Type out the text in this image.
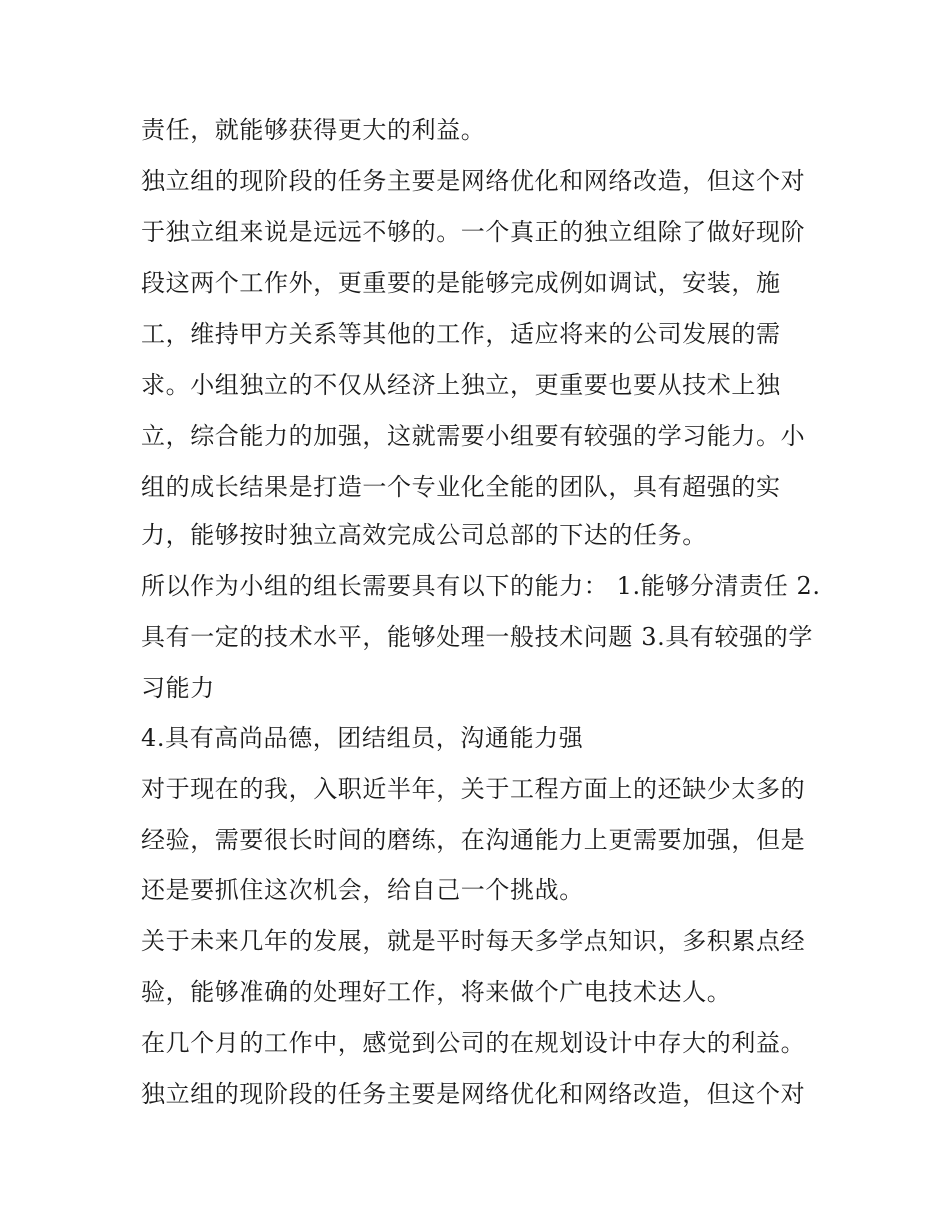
责任，就能够获得更大的利益。
独立组的现阶段的任务主要是网络优化和网络改造，但这个对
于独立组来说是远远不够的。一个真正的独立组除了做好现阶
段这两个工作外，更重要的是能够完成例如调试，安装，施
工，维持甲方关系等其他的工作，适应将来的公司发展的需
求。小组独立的不仅从经济上独立，更重要也要从技术上独
立，综合能力的加强，这就需要小组要有较强的学习能力。小
组的成长结果是打造一个专业化全能的团队，具有超强的实
力，能够按时独立高效完成公司总部的下达的任务。
所以作为小组的组长需要具有以下的能力： 1.能够分清责任 2.
具有一定的技术水平，能够处理一般技术问题 3.具有较强的学
习能力
4.具有高尚品德，团结组员，沟通能力强
对于现在的我，入职近半年，关于工程方面上的还缺少太多的
经验，需要很长时间的磨练，在沟通能力上更需要加强，但是
还是要抓住这次机会，给自己一个挑战。
关于未来几年的发展，就是平时每天多学点知识，多积累点经
验，能够准确的处理好工作，将来做个广电技术达人。
在几个月的工作中，感觉到公司的在规划设计中存大的利益。
独立组的现阶段的任务主要是网络优化和网络改造，但这个对
